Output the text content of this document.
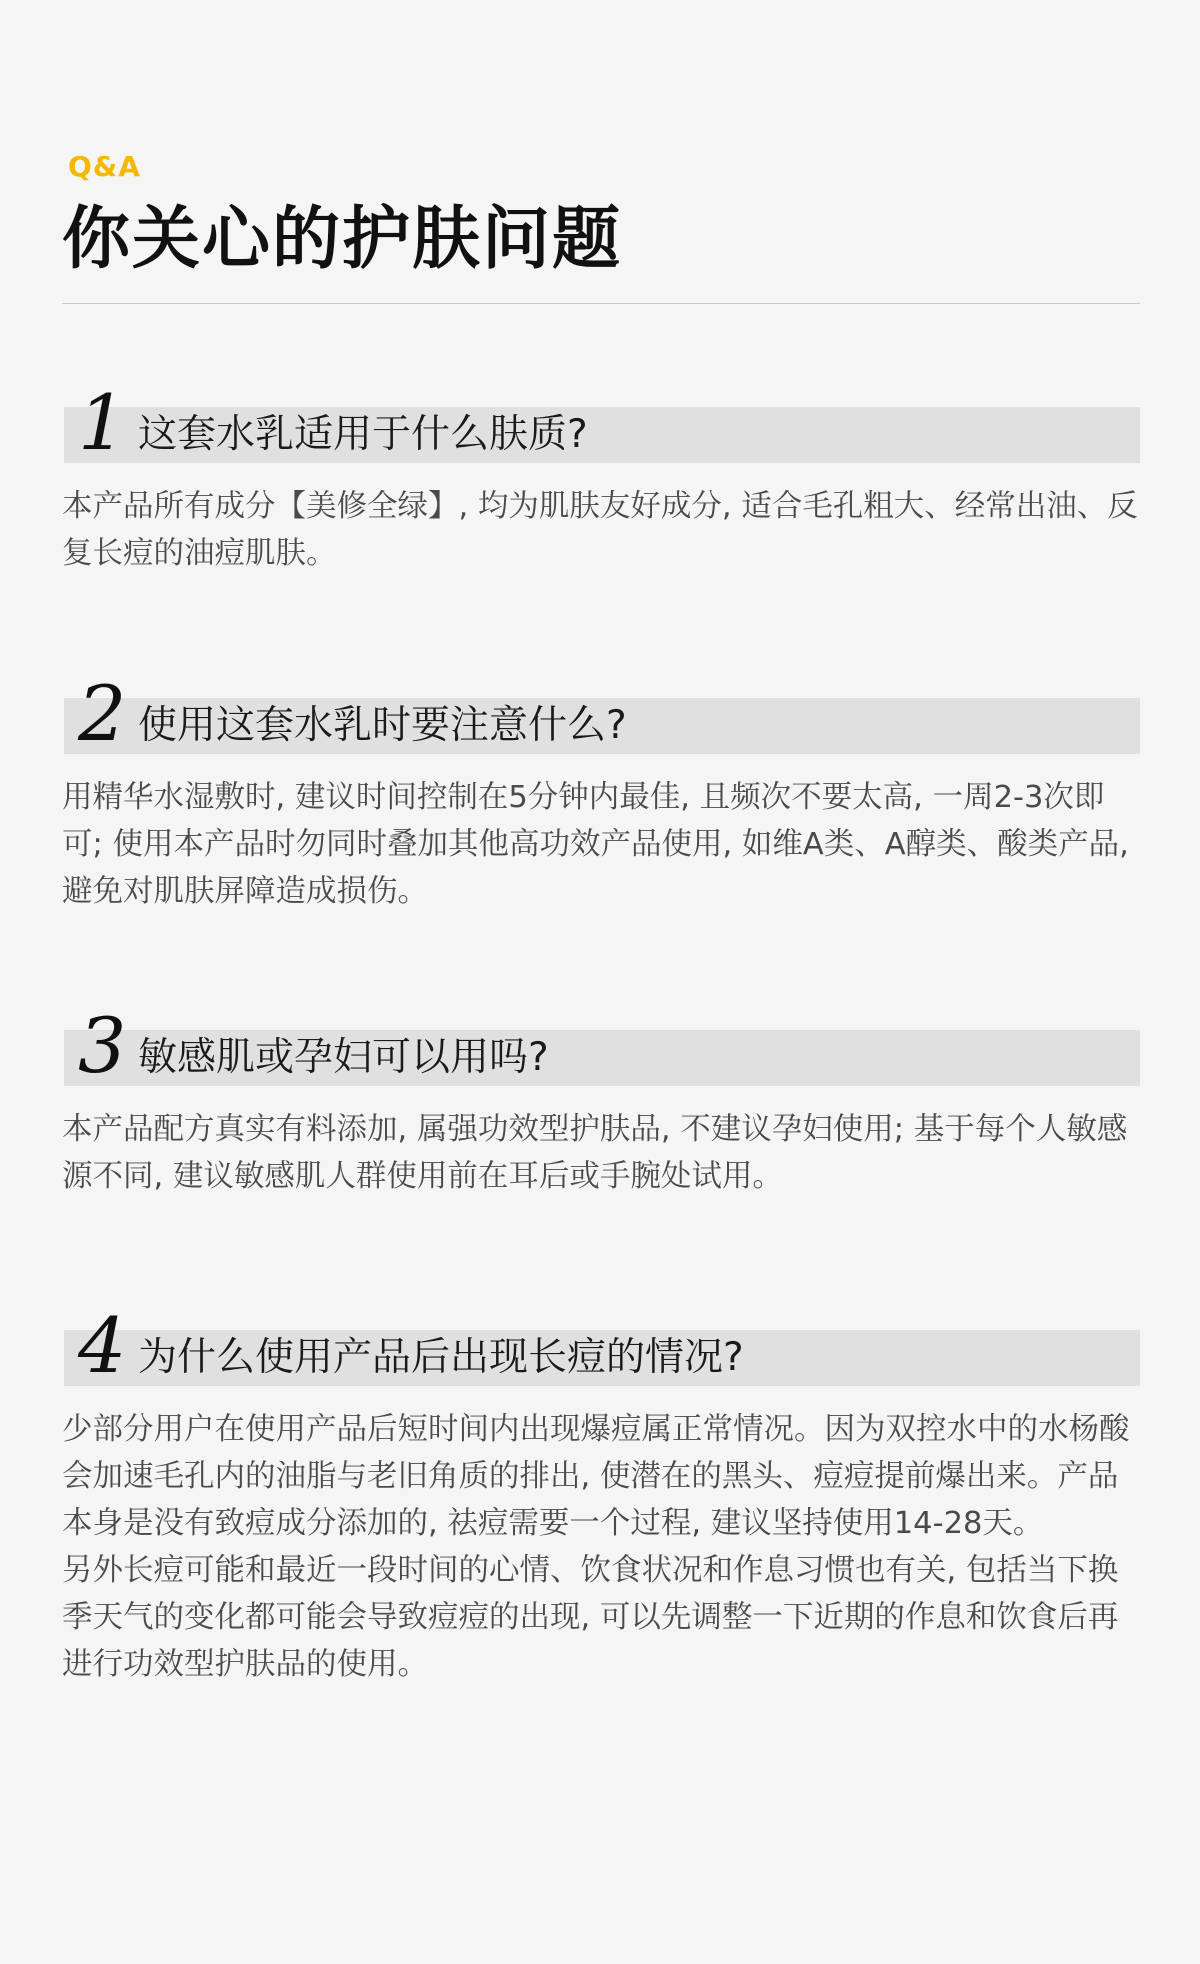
Q&A
你关心的护肤问题
1 这套水乳适用于什么肤质?

本产品所有成分【美修全绿】, 均为肌肤友好成分, 适合毛孔粗大、经常出油、反复长痘的油痘肌肤。

2 使用这套水乳时要注意什么?

用精华水湿敷时, 建议时间控制在5分钟内最佳, 且频次不要太高, 一周2-3次即可; 使用本产品时勿同时叠加其他高功效产品使用, 如维A类、A醇类、酸类产品, 避免对肌肤屏障造成损伤。

3 敏感肌或孕妇可以用吗?

本产品配方真实有料添加, 属强功效型护肤品, 不建议孕妇使用; 基于每个人敏感源不同, 建议敏感肌人群使用前在耳后或手腕处试用。

4 为什么使用产品后出现长痘的情况?

少部分用户在使用产品后短时间内出现爆痘属正常情况。因为双控水中的水杨酸会加速毛孔内的油脂与老旧角质的排出, 使潜在的黑头、痘痘提前爆出来。产品本身是没有致痘成分添加的, 祛痘需要一个过程, 建议坚持使用14-28天。

另外长痘可能和最近一段时间的心情、饮食状况和作息习惯也有关, 包括当下换季天气的变化都可能会导致痘痘的出现, 可以先调整一下近期的作息和饮食后再进行功效型护肤品的使用。
